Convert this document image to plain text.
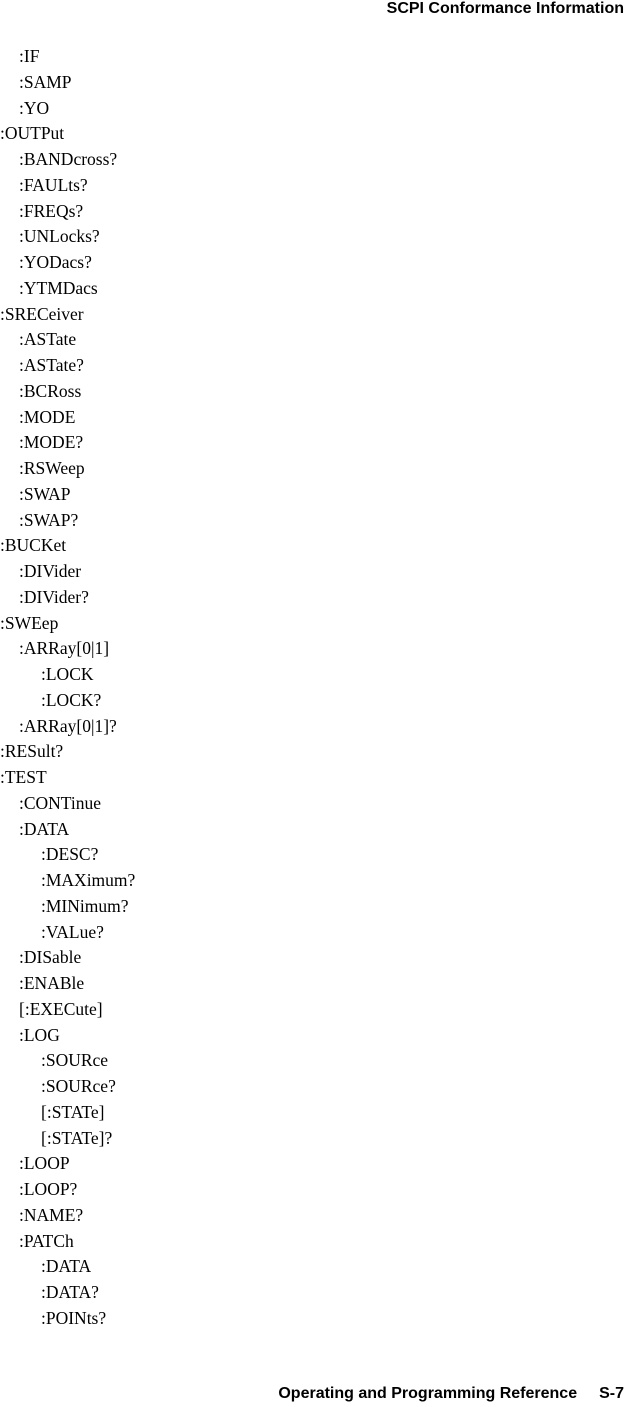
SCPI Conformance Information
:IF
:SAMP
:YO
:OUTPut
:BANDcross?
:FAULts?
:FREQs?
:UNLocks?
:YODacs?
:YTMDacs
:SRECeiver
:ASTate
:ASTate?
:BCRoss
:MODE
:MODE?
:RSWeep
:SWAP
:SWAP?
:BUCKet
:DIVider
:DIVider?
:SWEep
:ARRay[0|1]
:LOCK
:LOCK?
:ARRay[0|1]?
:RESult?
:TEST
:CONTinue
:DATA
:DESC?
:MAXimum?
:MINimum?
:VALue?
:DISable
:ENABle
[:EXECute]
:LOG
:SOURce
:SOURce?
[:STATe]
[:STATe]?
:LOOP
:LOOP?
:NAME?
:PATCh
:DATA
:DATA?
:POINts?
Operating and Programming Reference S-7
